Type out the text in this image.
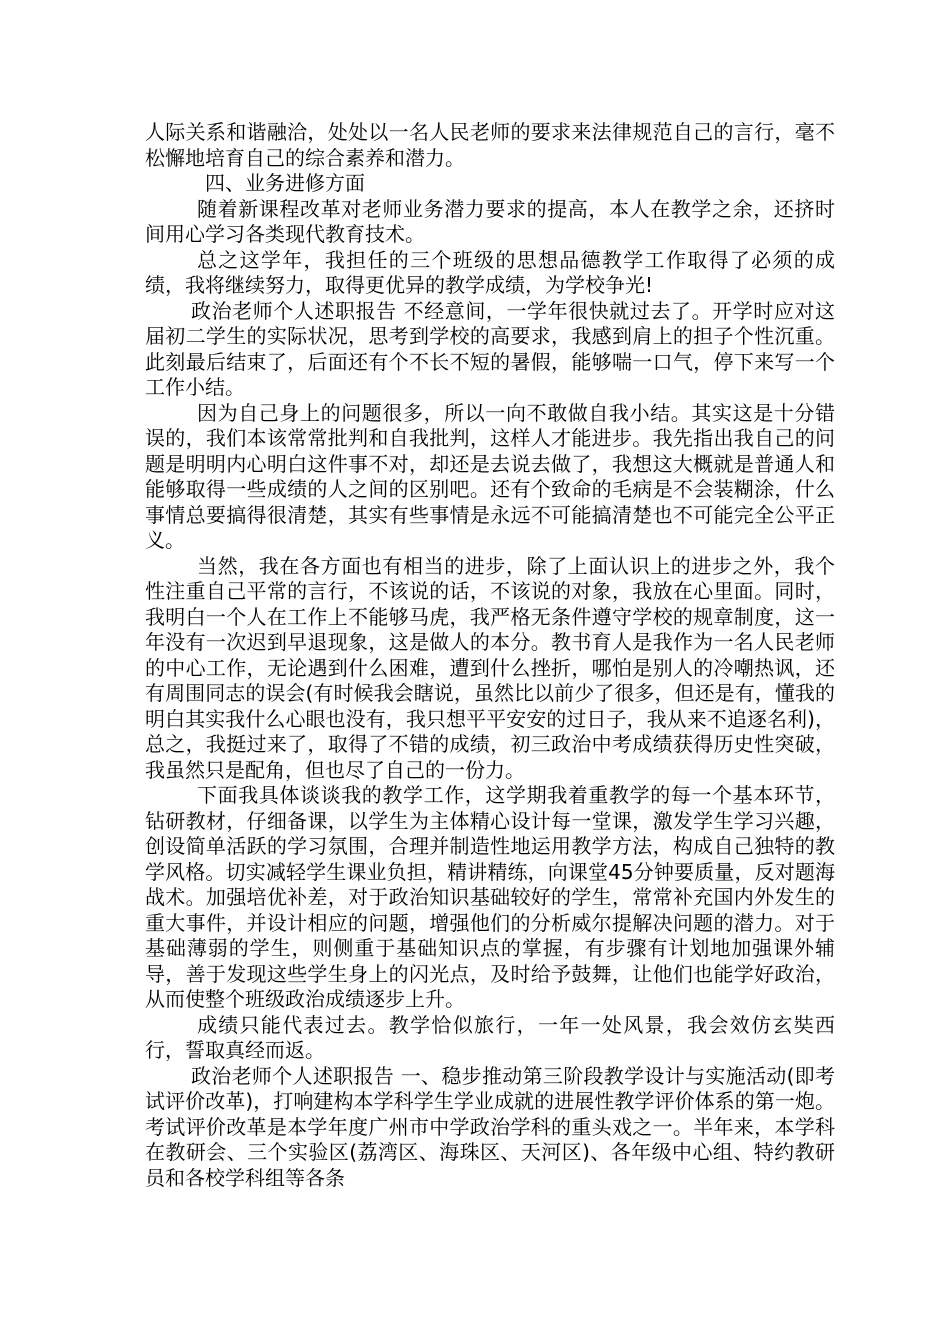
人际关系和谐融洽，处处以一名人民老师的要求来法律规范自己的言行，毫不松懈地培育自己的综合素养和潜力。

四、业务进修方面

随着新课程改革对老师业务潜力要求的提高，本人在教学之余，还挤时间用心学习各类现代教育技术。

总之这学年，我担任的三个班级的思想品德教学工作取得了必须的成绩，我将继续努力，取得更优异的教学成绩，为学校争光!

政治老师个人述职报告 不经意间，一学年很快就过去了。开学时应对这届初二学生的实际状况，思考到学校的高要求，我感到肩上的担子个性沉重。此刻最后结束了，后面还有个不长不短的暑假，能够喘一口气，停下来写一个工作小结。

因为自己身上的问题很多，所以一向不敢做自我小结。其实这是十分错误的，我们本该常常批判和自我批判，这样人才能进步。我先指出我自己的问题是明明内心明白这件事不对，却还是去说去做了，我想这大概就是普通人和能够取得一些成绩的人之间的区别吧。还有个致命的毛病是不会装糊涂，什么事情总要搞得很清楚，其实有些事情是永远不可能搞清楚也不可能完全公平正义。

当然，我在各方面也有相当的进步，除了上面认识上的进步之外，我个性注重自己平常的言行，不该说的话，不该说的对象，我放在心里面。同时，我明白一个人在工作上不能够马虎，我严格无条件遵守学校的规章制度，这一年没有一次迟到早退现象，这是做人的本分。教书育人是我作为一名人民老师的中心工作，无论遇到什么困难，遭到什么挫折，哪怕是别人的冷嘲热讽，还有周围同志的误会(有时候我会瞎说，虽然比以前少了很多，但还是有，懂我的明白其实我什么心眼也没有，我只想平平安安的过日子，我从来不追逐名利)，总之，我挺过来了，取得了不错的成绩，初三政治中考成绩获得历史性突破，我虽然只是配角，但也尽了自己的一份力。

下面我具体谈谈我的教学工作，这学期我着重教学的每一个基本环节，钻研教材，仔细备课，以学生为主体精心设计每一堂课，激发学生学习兴趣，创设简单活跃的学习氛围，合理并制造性地运用教学方法，构成自己独特的教学风格。切实减轻学生课业负担，精讲精练，向课堂45分钟要质量，反对题海战术。加强培优补差，对于政治知识基础较好的学生，常常补充国内外发生的重大事件，并设计相应的问题，增强他们的分析威尔提解决问题的潜力。对于基础薄弱的学生，则侧重于基础知识点的掌握，有步骤有计划地加强课外辅导，善于发现这些学生身上的闪光点，及时给予鼓舞，让他们也能学好政治，从而使整个班级政治成绩逐步上升。

成绩只能代表过去。教学恰似旅行，一年一处风景，我会效仿玄奘西行，誓取真经而返。

政治老师个人述职报告 一、稳步推动第三阶段教学设计与实施活动(即考试评价改革)，打响建构本学科学生学业成就的进展性教学评价体系的第一炮。考试评价改革是本学年度广州市中学政治学科的重头戏之一。半年来，本学科在教研会、三个实验区(荔湾区、海珠区、天河区)、各年级中心组、特约教研员和各校学科组等各条
